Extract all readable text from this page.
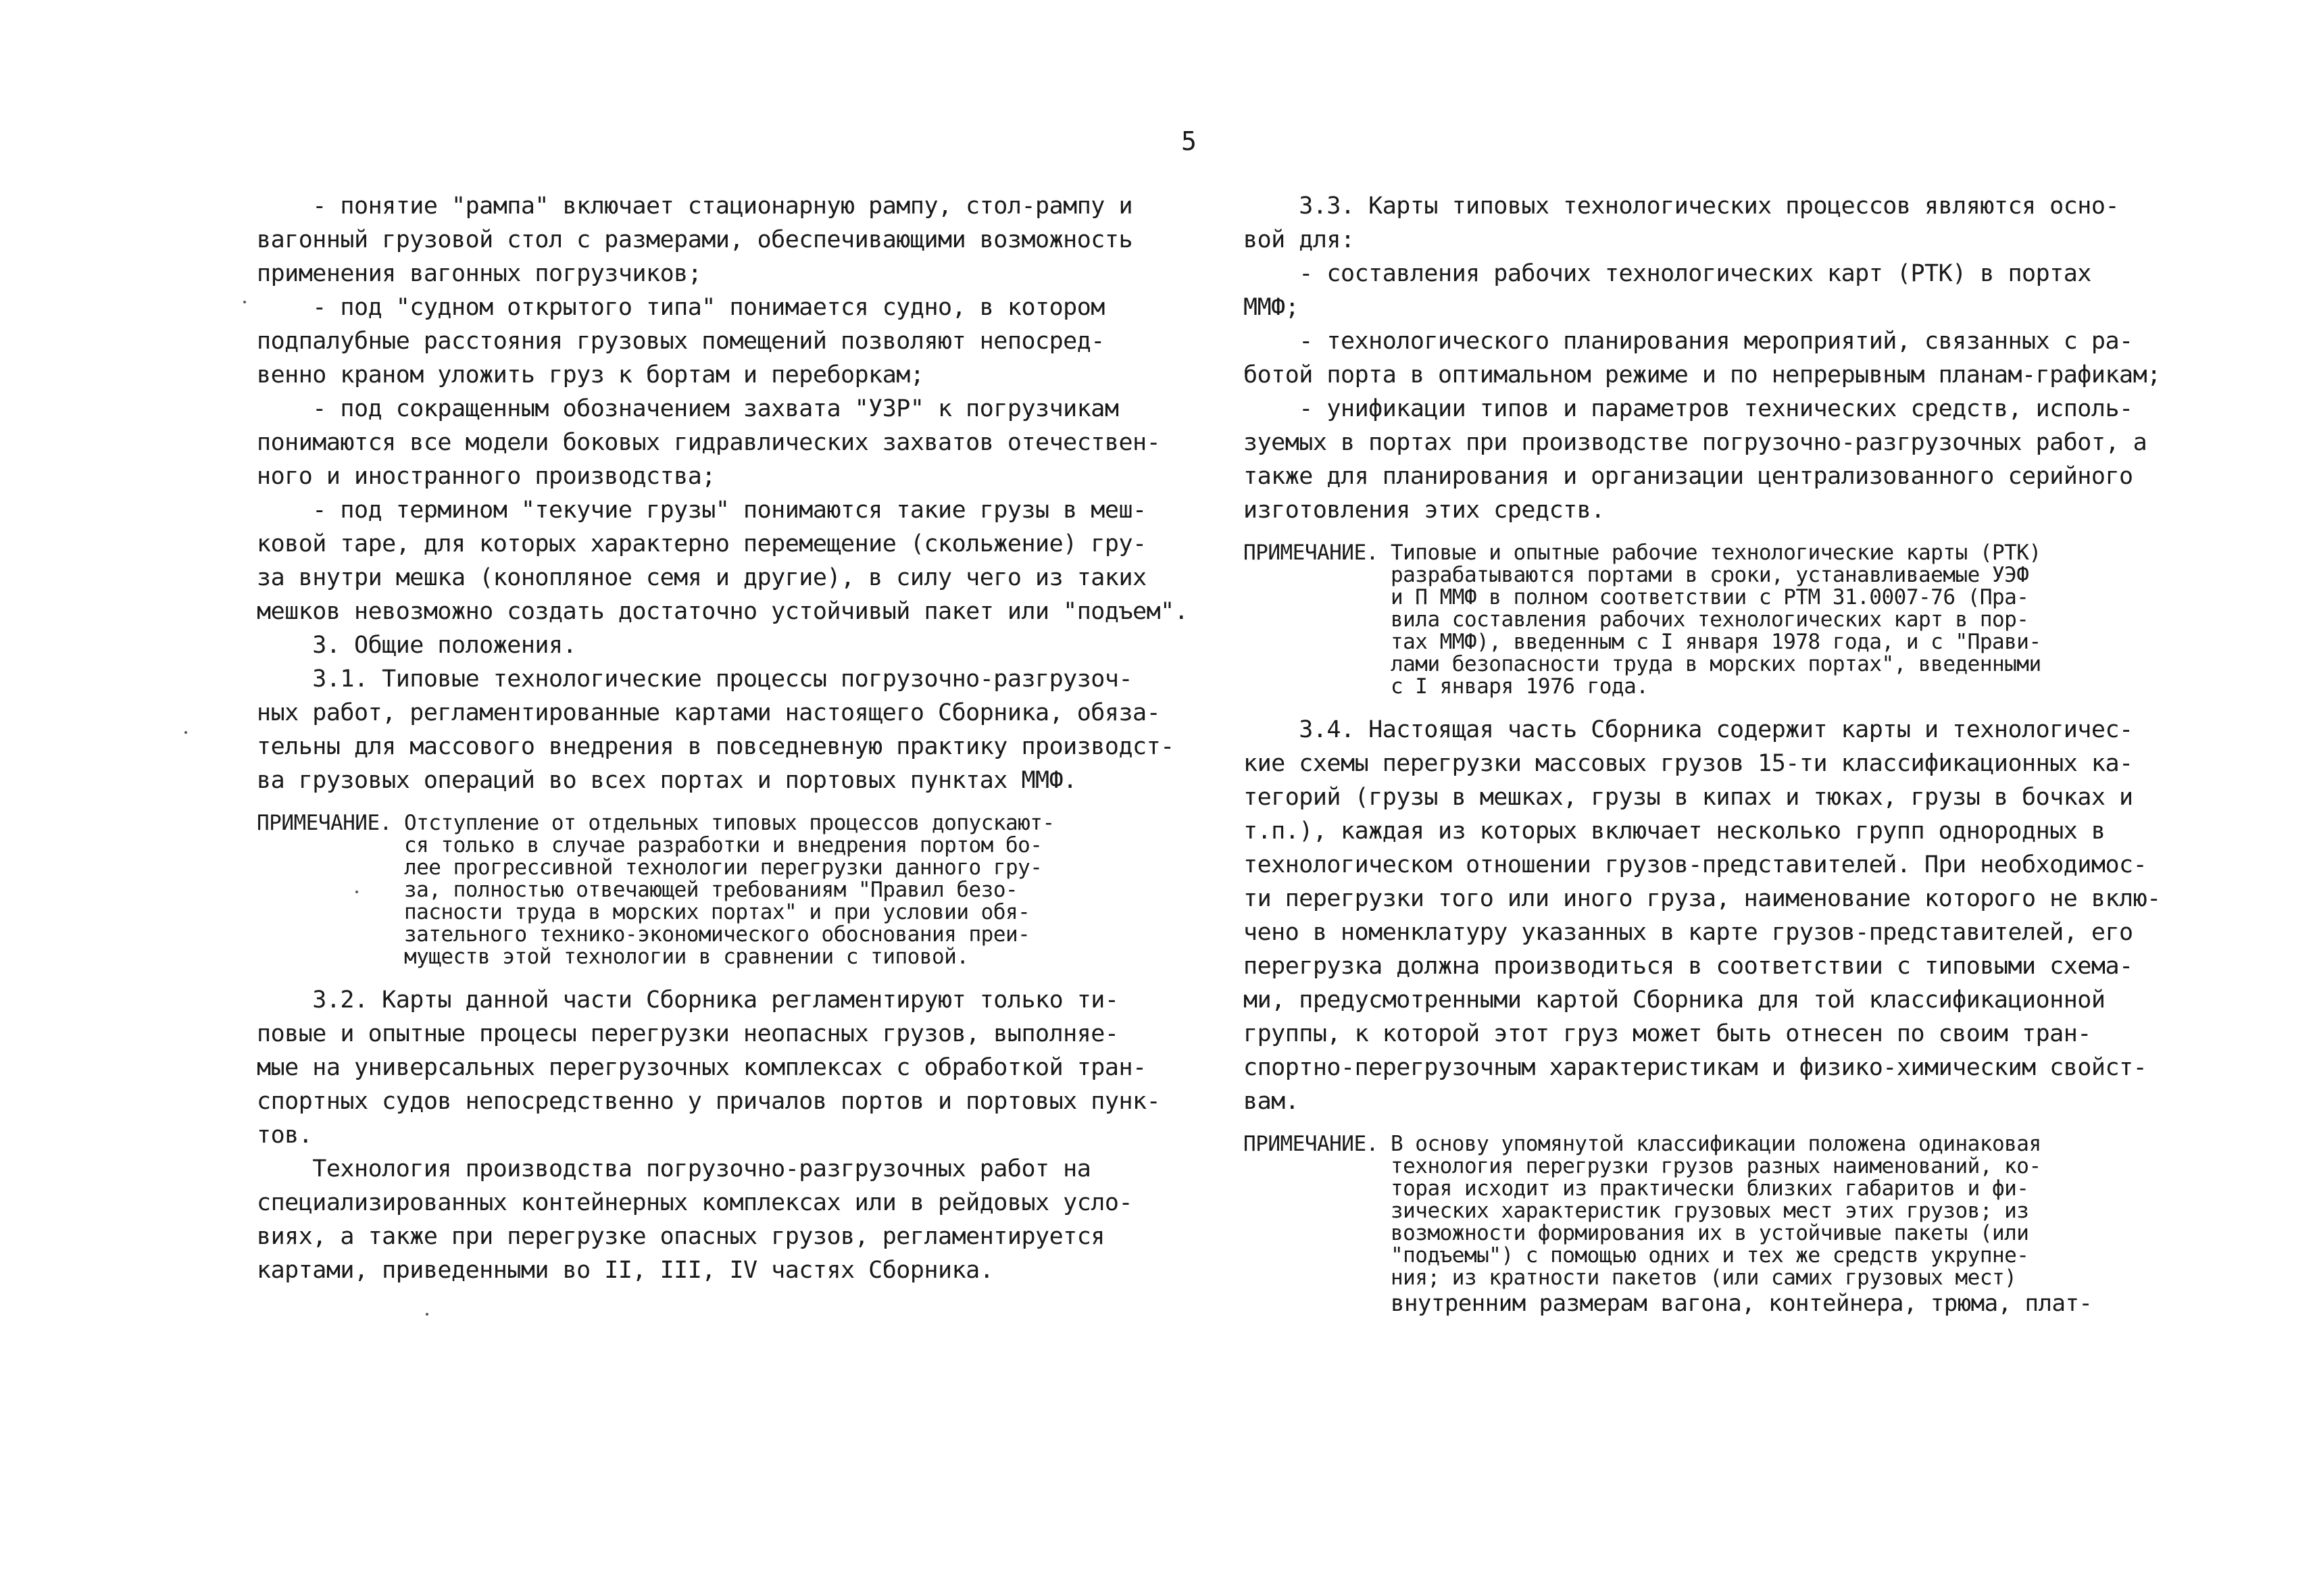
5
- понятие "рампа" включает стационарную рампу, стол-рампу и
вагонный грузовой стол с размерами, обеспечивающими возможность
применения вагонных погрузчиков;
- под "судном открытого типа" понимается судно, в котором
подпалубные расстояния грузовых помещений позволяют непосред-
венно краном уложить груз к бортам и переборкам;
- под сокращенным обозначением захвата "УЗР" к погрузчикам
понимаются все модели боковых гидравлических захватов отечествен-
ного и иностранного производства;
- под термином "текучие грузы" понимаются такие грузы в меш-
ковой таре, для которых характерно перемещение (скольжение) гру-
за внутри мешка (конопляное семя и другие), в силу чего из таких
мешков невозможно создать достаточно устойчивый пакет или "подъем".
3. Общие положения.
3.1. Типовые технологические процессы погрузочно-разгрузоч-
ных работ, регламентированные картами настоящего Сборника, обяза-
тельны для массового внедрения в повседневную практику производст-
ва грузовых операций во всех портах и портовых пунктах ММФ.
ПРИМЕЧАНИЕ. Отступление от отдельных типовых процессов допускают-
ся только в случае разработки и внедрения портом бо-
лее прогрессивной технологии перегрузки данного гру-
за, полностью отвечающей требованиям "Правил безо-
пасности труда в морских портах" и при условии обя-
зательного технико-экономического обоснования преи-
муществ этой технологии в сравнении с типовой.
3.2. Карты данной части Сборника регламентируют только ти-
повые и опытные процесы перегрузки неопасных грузов, выполняе-
мые на универсальных перегрузочных комплексах с обработкой тран-
спортных судов непосредственно у причалов портов и портовых пунк-
тов.
Технология производства погрузочно-разгрузочных работ на
специализированных контейнерных комплексах или в рейдовых усло-
виях, а также при перегрузке опасных грузов, регламентируется
картами, приведенными во II, III, IV частях Сборника.
3.3. Карты типовых технологических процессов являются осно-
вой для:
- составления рабочих технологических карт (РТК) в портах
ММФ;
- технологического планирования мероприятий, связанных с ра-
ботой порта в оптимальном режиме и по непрерывным планам-графикам;
- унификации типов и параметров технических средств, исполь-
зуемых в портах при производстве погрузочно-разгрузочных работ, а
также для планирования и организации централизованного серийного
изготовления этих средств.
ПРИМЕЧАНИЕ. Типовые и опытные рабочие технологические карты (РТК)
разрабатываются портами в сроки, устанавливаемые УЭФ
и П ММФ в полном соответствии с РТМ 31.0007-76 (Пра-
вила составления рабочих технологических карт в пор-
тах ММФ), введенным с I января 1978 года, и с "Прави-
лами безопасности труда в морских портах", введенными
с I января 1976 года.
3.4. Настоящая часть Сборника содержит карты и технологичес-
кие схемы перегрузки массовых грузов 15-ти классификационных ка-
тегорий (грузы в мешках, грузы в кипах и тюках, грузы в бочках и
т.п.), каждая из которых включает несколько групп однородных в
технологическом отношении грузов-представителей. При необходимос-
ти перегрузки того или иного груза, наименование которого не вклю-
чено в номенклатуру указанных в карте грузов-представителей, его
перегрузка должна производиться в соответствии с типовыми схема-
ми, предусмотренными картой Сборника для той классификационной
группы, к которой этот груз может быть отнесен по своим тран-
спортно-перегрузочным характеристикам и физико-химическим свойст-
вам.
ПРИМЕЧАНИЕ. В основу упомянутой классификации положена одинаковая
технология перегрузки грузов разных наименований, ко-
торая исходит из практически близких габаритов и фи-
зических характеристик грузовых мест этих грузов; из
возможности формирования их в устойчивые пакеты (или
"подъемы") с помощью одних и тех же средств укрупне-
ния; из кратности пакетов (или самих грузовых мест)
внутренним размерам вагона, контейнера, трюма, плат-
